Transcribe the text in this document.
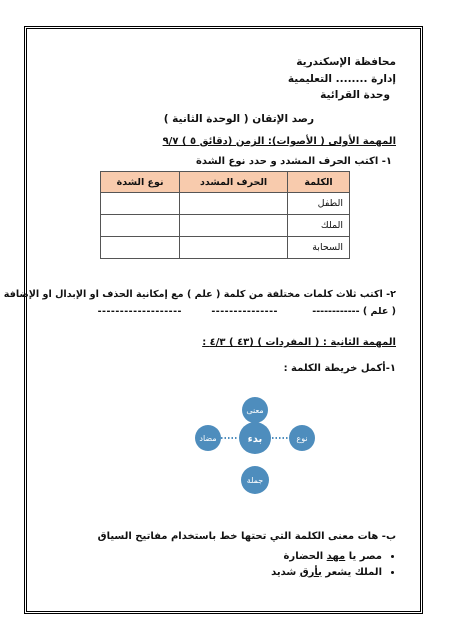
محافظة الإسكندرية
إدارة ........ التعليمية
وحدة القرائية
رصد الإتقان ( الوحدة الثانية )
المهمة الأولى ( الأصوات): الزمن (دقائق ٥ ) ٩/٧
١- اكتب الحرف المشدد و حدد نوع الشدة
الكلمة	الحرف المشدد	نوع الشدة
الطفل		
الملك		
السحابة		
٢- اكتب ثلاث كلمات مختلفة من كلمة ( علم ) مع إمكانية الحذف او الإبدال او الإضافة
( علم ) ------------
---------------
-------------------
المهمة الثانية : ( المفردات ) (٤٣ ) ٤/٣ :
١-أكمل خريطة الكلمة :
معنى
بدء
مضاد	نوع
جملة
ب- هات معنى الكلمة التي تحتها خط باستخدام مفاتيح السياق
• مصر يا مهد الحضارة
• الملك يشعر بأرق شديد
